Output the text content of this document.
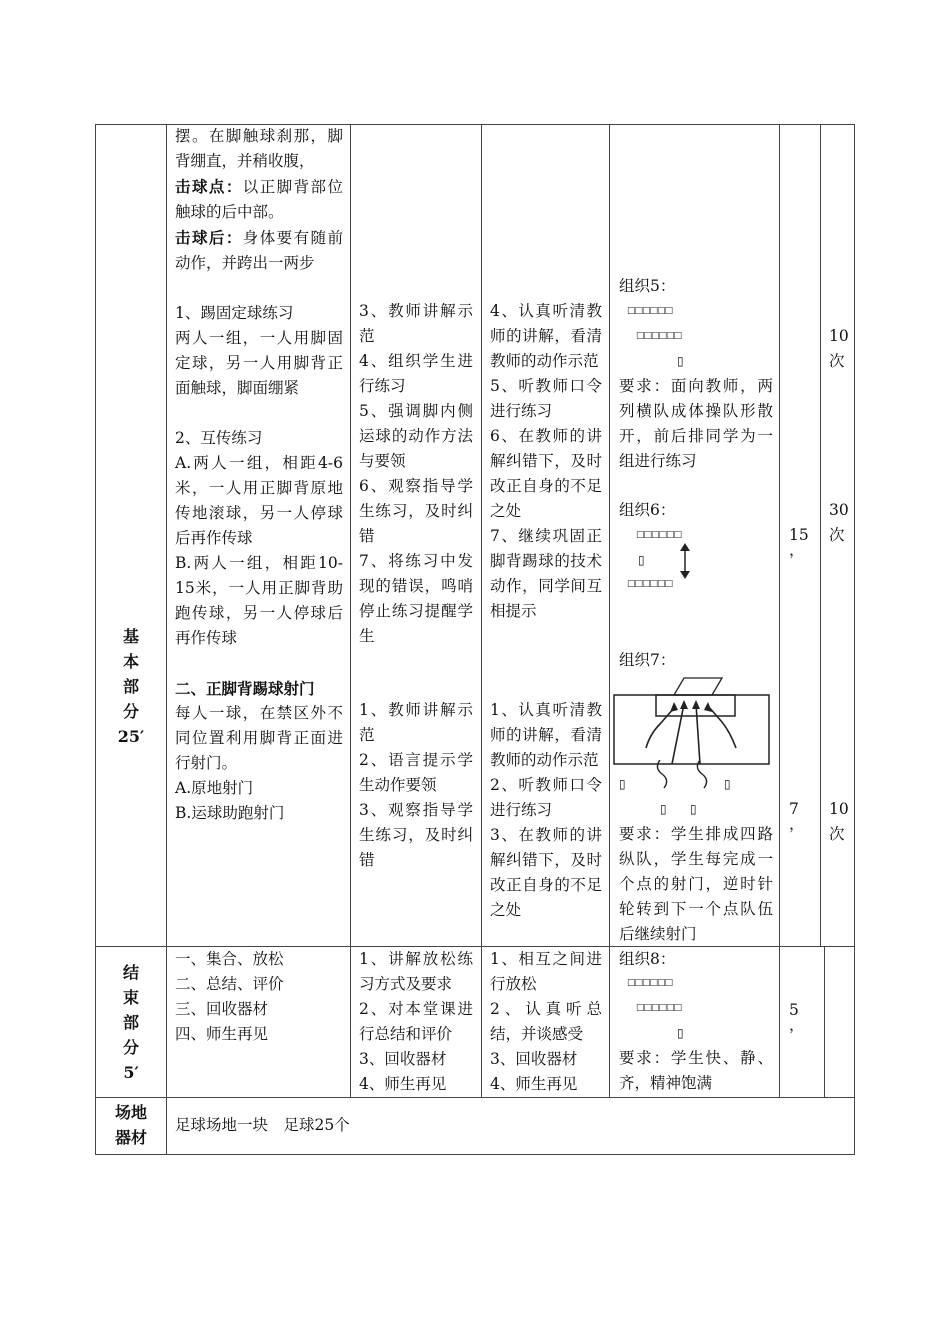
基
本
部
分
25′

摆。在脚触球刹那，脚背绷直，并稍收腹，

击球点：以正脚背部位触球的后中部。

击球后：身体要有随前动作，并跨出一两步

1、踢固定球练习

两人一组，一人用脚固定球，另一人用脚背正面触球，脚面绷紧

2、互传练习

A.两人一组，相距4-6米，一人用正脚背原地传地滚球，另一人停球后再作传球

B.两人一组，相距10-15米，一人用正脚背助跑传球，另一人停球后再作传球

二、正脚背踢球射门

每人一球，在禁区外不同位置利用脚背正面进行射门。

A.原地射门

B.运球助跑射门

3、教师讲解示范

4、组织学生进行练习

5、强调脚内侧运球的动作方法与要领

6、观察指导学生练习，及时纠错

7、将练习中发现的错误，鸣哨停止练习提醒学生

1、教师讲解示范

2、语言提示学生动作要领

3、观察指导学生练习，及时纠错

4、认真听清教师的讲解，看清教师的动作示范

5、听教师口令进行练习

6、在教师的讲解纠错下，及时改正自身的不足之处

7、继续巩固正脚背踢球的技术动作，同学间互相提示

1、认真听清教师的讲解，看清教师的动作示范

2、听教师口令进行练习

3、在教师的讲解纠错下，及时改正自身的不足之处

组织5：
□□□□□□
□□□□□□
▯
要求：面向教师，两列横队成体操队形散开，前后排同学为一组进行练习
组织6：
□□□□□□
▯
□□□□□□
组织7：
▯	▯
▯ ▯
要求：学生排成四路纵队，学生每完成一个点的射门，逆时针轮转到下一个点队伍后继续射门
15
，
7
，
10
次
30
次
10
次
结
束
部
分
5′

一、集合、放松

二、总结、评价

三、回收器材

四、师生再见

1、讲解放松练习方式及要求

2、对本堂课进行总结和评价

3、回收器材

4、师生再见

1、相互之间进行放松

2、认真听总结，并谈感受

3、回收器材

4、师生再见

组织8：
□□□□□□
□□□□□□
▯
要求：学生快、静、齐，精神饱满
5
，
场地
器材
足球场地一块　足球25个
